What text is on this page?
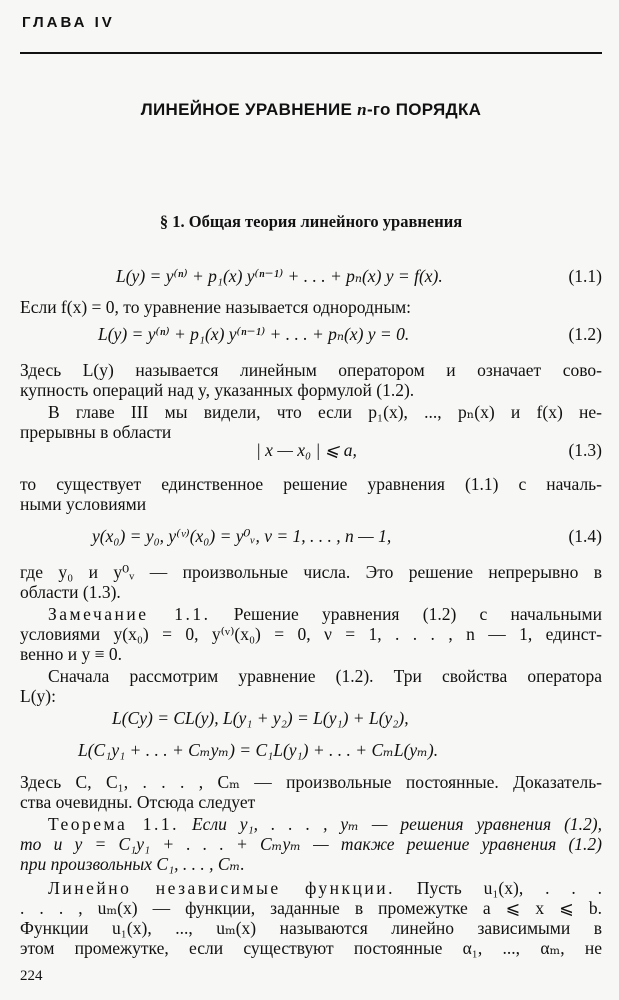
ГЛАВА IV
ЛИНЕЙНОЕ УРАВНЕНИЕ n-го ПОРЯДКА
§ 1. Общая теория линейного уравнения
L(y) = y⁽ⁿ⁾ + p₁(x) y⁽ⁿ⁻¹⁾ + . . . + pₙ(x) y = f(x).	(1.1)
Если f(x) = 0, то уравнение называется однородным:
L(y) = y⁽ⁿ⁾ + p₁(x) y⁽ⁿ⁻¹⁾ + . . . + pₙ(x) y = 0.	(1.2)
Здесь L(y) называется линейным оператором и означает сово-
купность операций над y, указанных формулой (1.2).
В главе III мы видели, что если p₁(x), ..., pₙ(x) и f(x) не-
прерывны в области
| x — x₀ | ⩽ a,	(1.3)
то существует единственное решение уравнения (1.1) с началь-
ными условиями
y(x₀) = y₀, y⁽ᵛ⁾(x₀) = y⁰ᵥ, ν = 1, . . . , n — 1,	(1.4)
где y₀ и y⁰ᵥ — произвольные числа. Это решение непрерывно в
области (1.3).
Замечание 1.1. Решение уравнения (1.2) с начальными
условиями y(x₀) = 0, y⁽ᵛ⁾(x₀) = 0, ν = 1, . . . , n — 1, единст-
венно и y ≡ 0.
Сначала рассмотрим уравнение (1.2). Три свойства оператора
L(y):
L(Cy) = CL(y), L(y₁ + y₂) = L(y₁) + L(y₂),
L(C₁y₁ + . . . + Cₘyₘ) = C₁L(y₁) + . . . + CₘL(yₘ).
Здесь C, C₁, . . . , Cₘ — произвольные постоянные. Доказатель-
ства очевидны. Отсюда следует
Теорема 1.1. Если y₁, . . . , yₘ — решения уравнения (1.2),
то и y = C₁y₁ + . . . + Cₘyₘ — также решение уравнения (1.2)
при произвольных C₁, . . . , Cₘ.
Линейно независимые функции. Пусть u₁(x), . . .
. . . , uₘ(x) — функции, заданные в промежутке a ⩽ x ⩽ b.
Функции u₁(x), ..., uₘ(x) называются линейно зависимыми в
этом промежутке, если существуют постоянные α₁, ..., αₘ, не
224
